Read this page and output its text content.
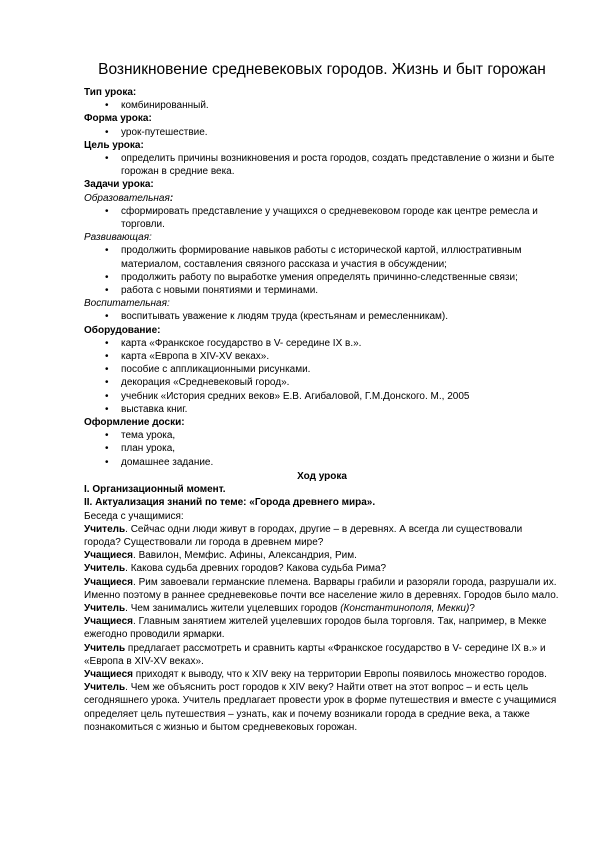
Возникновение средневековых городов. Жизнь и быт горожан
Тип урока:
• комбинированный.
Форма урока:
• урок-путешествие.
Цель урока:
• определить причины возникновения и роста городов, создать представление о жизни и быте горожан в средние века.
Задачи урока:
Образовательная:
• сформировать представление у учащихся о средневековом городе как центре ремесла и торговли.
Развивающая:
• продолжить формирование навыков работы с исторической картой, иллюстративным материалом, составления связного рассказа и участия в обсуждении;
• продолжить работу по выработке умения определять причинно-следственные связи;
• работа с новыми понятиями и терминами.
Воспитательная:
• воспитывать уважение к людям труда (крестьянам и ремесленникам).
Оборудование:
• карта «Франкское государство в V- середине IX в.».
• карта «Европа в XIV-XV веках».
• пособие с аппликационными рисунками.
• декорация «Средневековый город».
• учебник «История средних веков» Е.В. Агибаловой, Г.М.Донского. М., 2005
• выставка книг.
Оформление доски:
• тема урока,
• план урока,
• домашнее задание.
Ход урока
I. Организационный момент.
II. Актуализация знаний по теме: «Города древнего мира».

Беседа с учащимися:

Учитель. Сейчас одни люди живут в городах, другие – в деревнях. А всегда ли существовали города? Существовали ли города в древнем мире?

Учащиеся. Вавилон, Мемфис. Афины, Александрия, Рим.

Учитель. Какова судьба древних городов? Какова судьба Рима?

Учащиеся. Рим завоевали германские племена. Варвары грабили и разоряли города, разрушали их. Именно поэтому в раннее средневековье почти все население жило в деревнях. Городов было мало.

Учитель. Чем занимались жители уцелевших городов (Константинополя, Мекки)?

Учащиеся. Главным занятием жителей уцелевших городов была торговля. Так, например, в Мекке ежегодно проводили ярмарки.

Учитель предлагает рассмотреть и сравнить карты «Франкское государство в V- середине IX в.» и «Европа в XIV-XV веках».

Учащиеся приходят к выводу, что к XIV веку на территории Европы появилось множество городов.

Учитель. Чем же объяснить рост городов к XIV веку? Найти ответ на этот вопрос – и есть цель сегодняшнего урока. Учитель предлагает провести урок в форме путешествия и вместе с учащимися определяет цель путешествия – узнать, как и почему возникали города в средние века, а также познакомиться с жизнью и бытом средневековых горожан.
